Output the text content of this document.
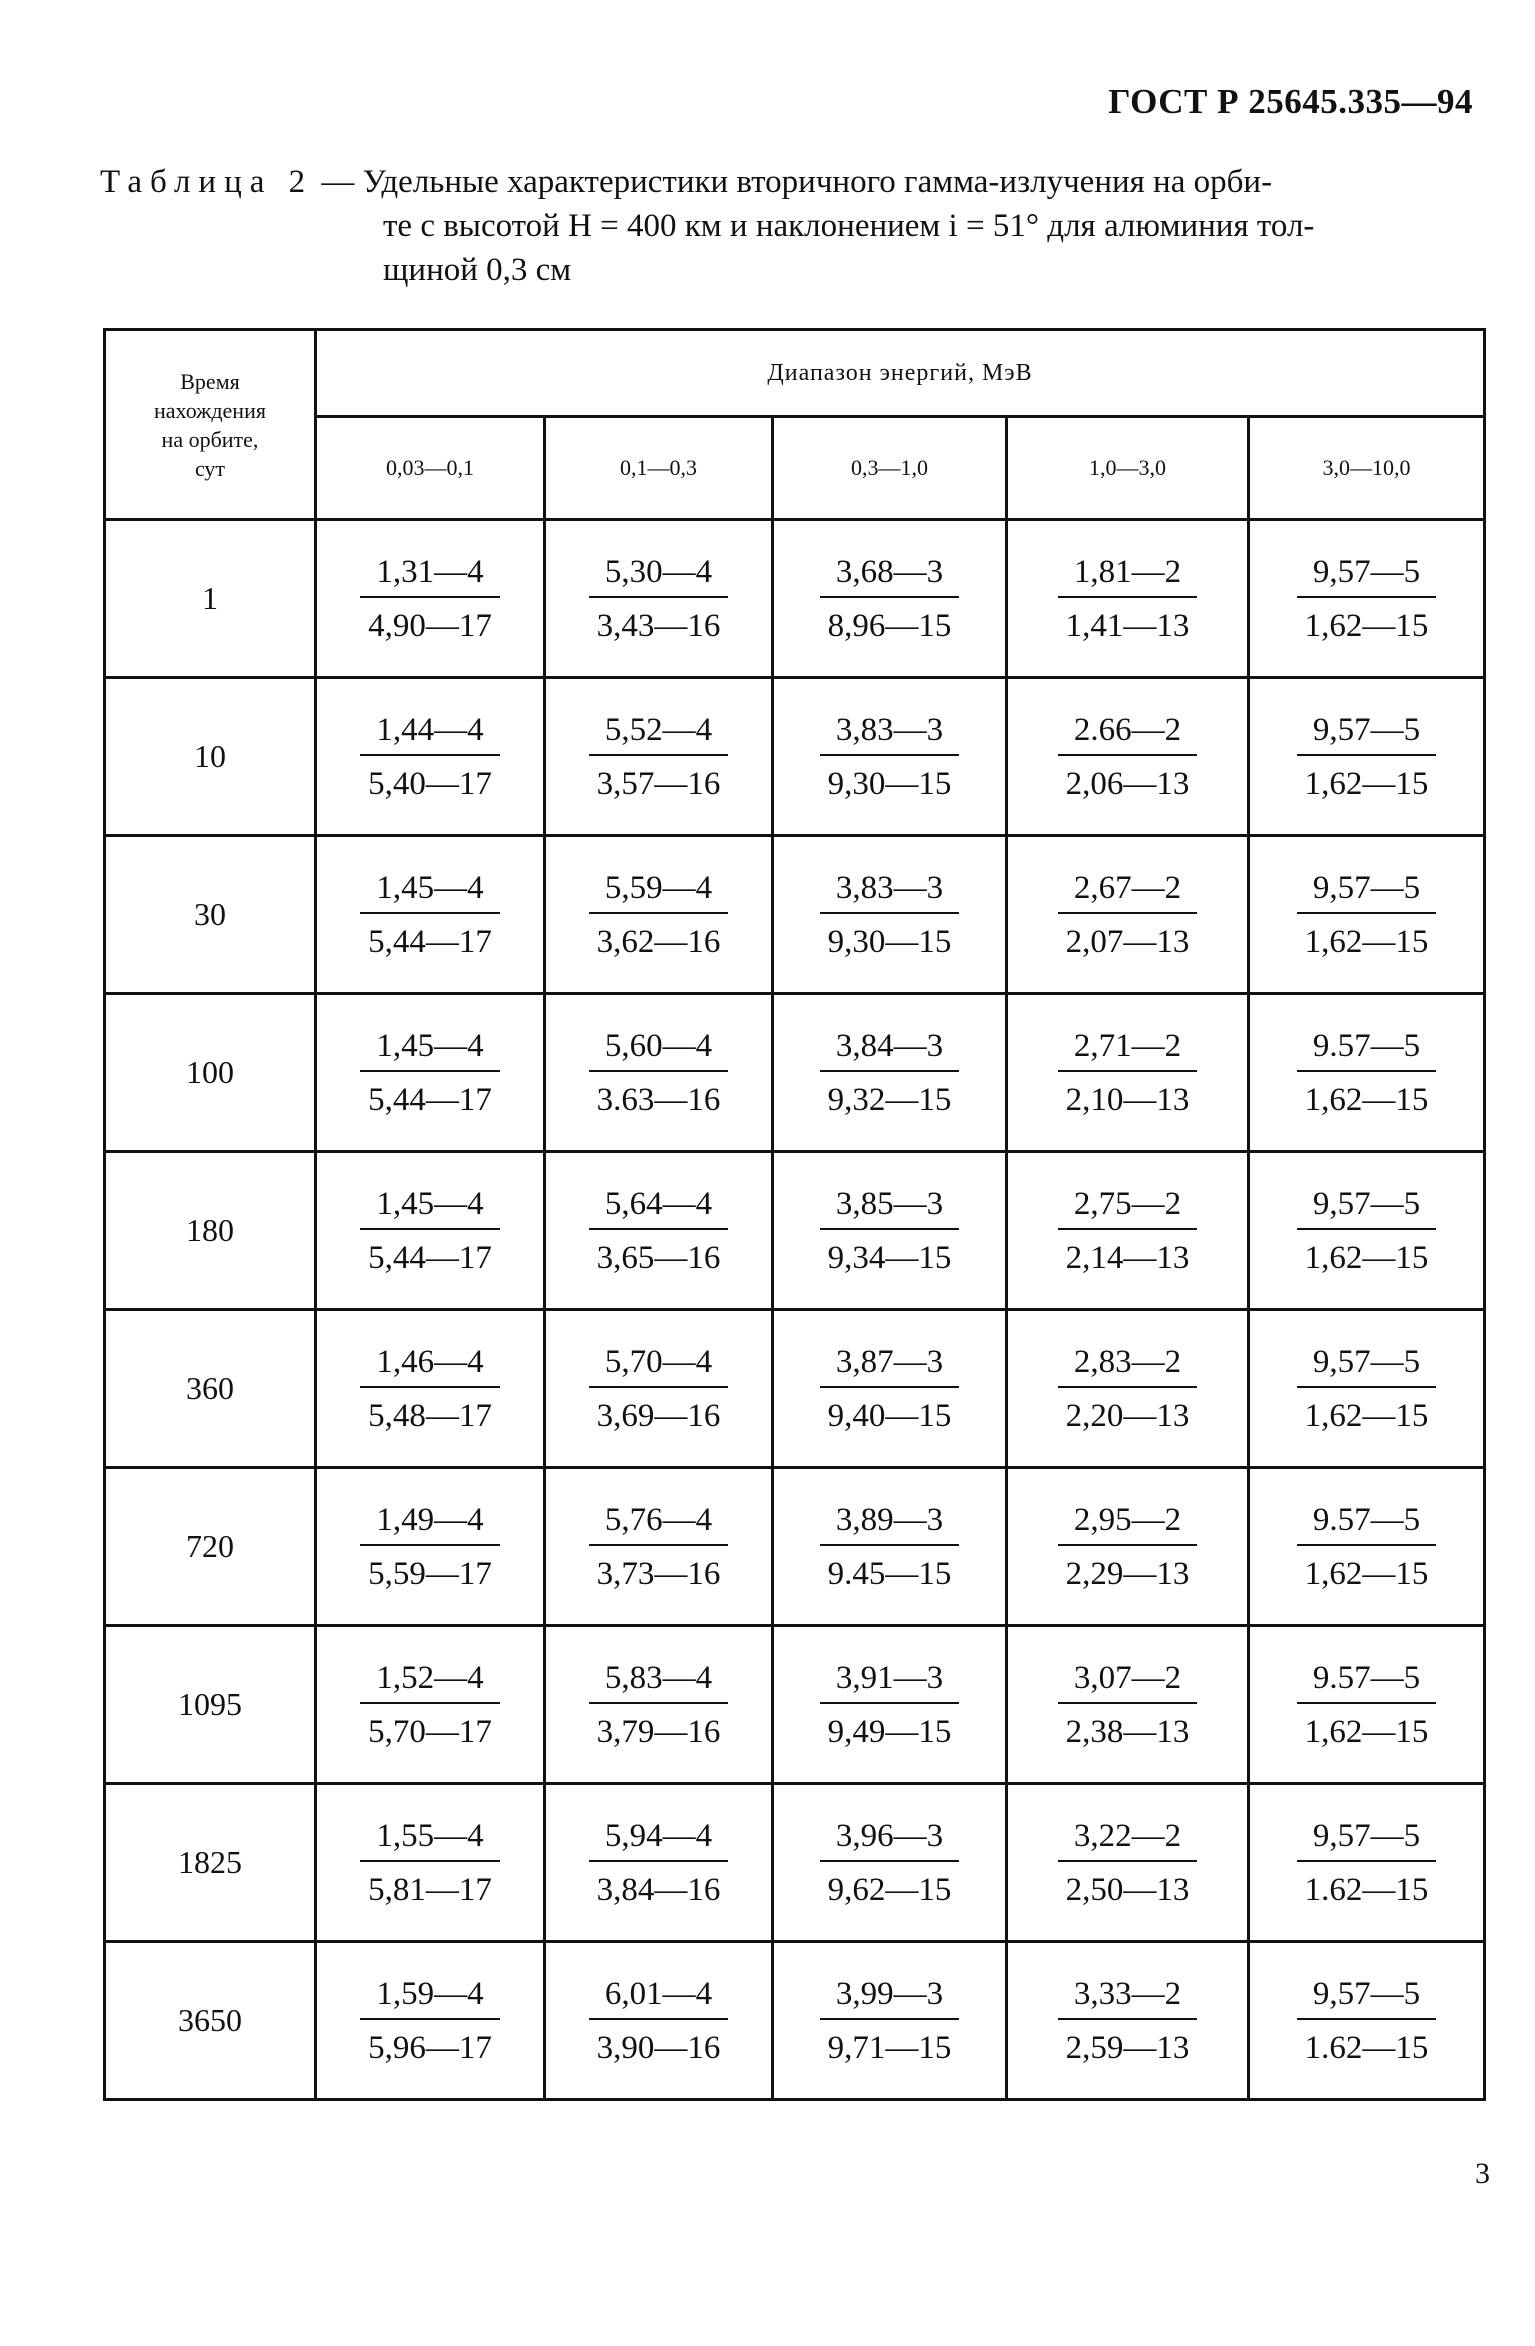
ГОСТ Р 25645.335—94
Таблица 2 — Удельные характеристики вторичного гамма-излучения на орби-
те с высотой H = 400 км и наклонением i = 51° для алюминия тол-
щиной 0,3 см
Время
нахождения
на орбите,
сут	Диапазон энергий, МэВ				
	0,03—0,1	0,1—0,3	0,3—1,0	1,0—3,0	3,0—10,0
1	$\frac{1,31—4}{4,90—17}$	$\frac{5,30—4}{3,43—16}$	$\frac{3,68—3}{8,96—15}$	$\frac{1,81—2}{1,41—13}$	$\frac{9,57—5}{1,62—15}$

10	$\frac{1,44—4}{5,40—17}$	$\frac{5,52—4}{3,57—16}$	$\frac{3,83—3}{9,30—15}$	$\frac{2.66—2}{2,06—13}$	$\frac{9,57—5}{1,62—15}$

30	$\frac{1,45—4}{5,44—17}$	$\frac{5,59—4}{3,62—16}$	$\frac{3,83—3}{9,30—15}$	$\frac{2,67—2}{2,07—13}$	$\frac{9,57—5}{1,62—15}$

100	$\frac{1,45—4}{5,44—17}$	$\frac{5,60—4}{3.63—16}$	$\frac{3,84—3}{9,32—15}$	$\frac{2,71—2}{2,10—13}$	$\frac{9.57—5}{1,62—15}$

180	$\frac{1,45—4}{5,44—17}$	$\frac{5,64—4}{3,65—16}$	$\frac{3,85—3}{9,34—15}$	$\frac{2,75—2}{2,14—13}$	$\frac{9,57—5}{1,62—15}$

360	$\frac{1,46—4}{5,48—17}$	$\frac{5,70—4}{3,69—16}$	$\frac{3,87—3}{9,40—15}$	$\frac{2,83—2}{2,20—13}$	$\frac{9,57—5}{1,62—15}$

720	$\frac{1,49—4}{5,59—17}$	$\frac{5,76—4}{3,73—16}$	$\frac{3,89—3}{9.45—15}$	$\frac{2,95—2}{2,29—13}$	$\frac{9.57—5}{1,62—15}$

1095	$\frac{1,52—4}{5,70—17}$	$\frac{5,83—4}{3,79—16}$	$\frac{3,91—3}{9,49—15}$	$\frac{3,07—2}{2,38—13}$	$\frac{9.57—5}{1,62—15}$

1825	$\frac{1,55—4}{5,81—17}$	$\frac{5,94—4}{3,84—16}$	$\frac{3,96—3}{9,62—15}$	$\frac{3,22—2}{2,50—13}$	$\frac{9,57—5}{1.62—15}$

3650	$\frac{1,59—4}{5,96—17}$	$\frac{6,01—4}{3,90—16}$	$\frac{3,99—3}{9,71—15}$	$\frac{3,33—2}{2,59—13}$	$\frac{9,57—5}{1.62—15}$
3
